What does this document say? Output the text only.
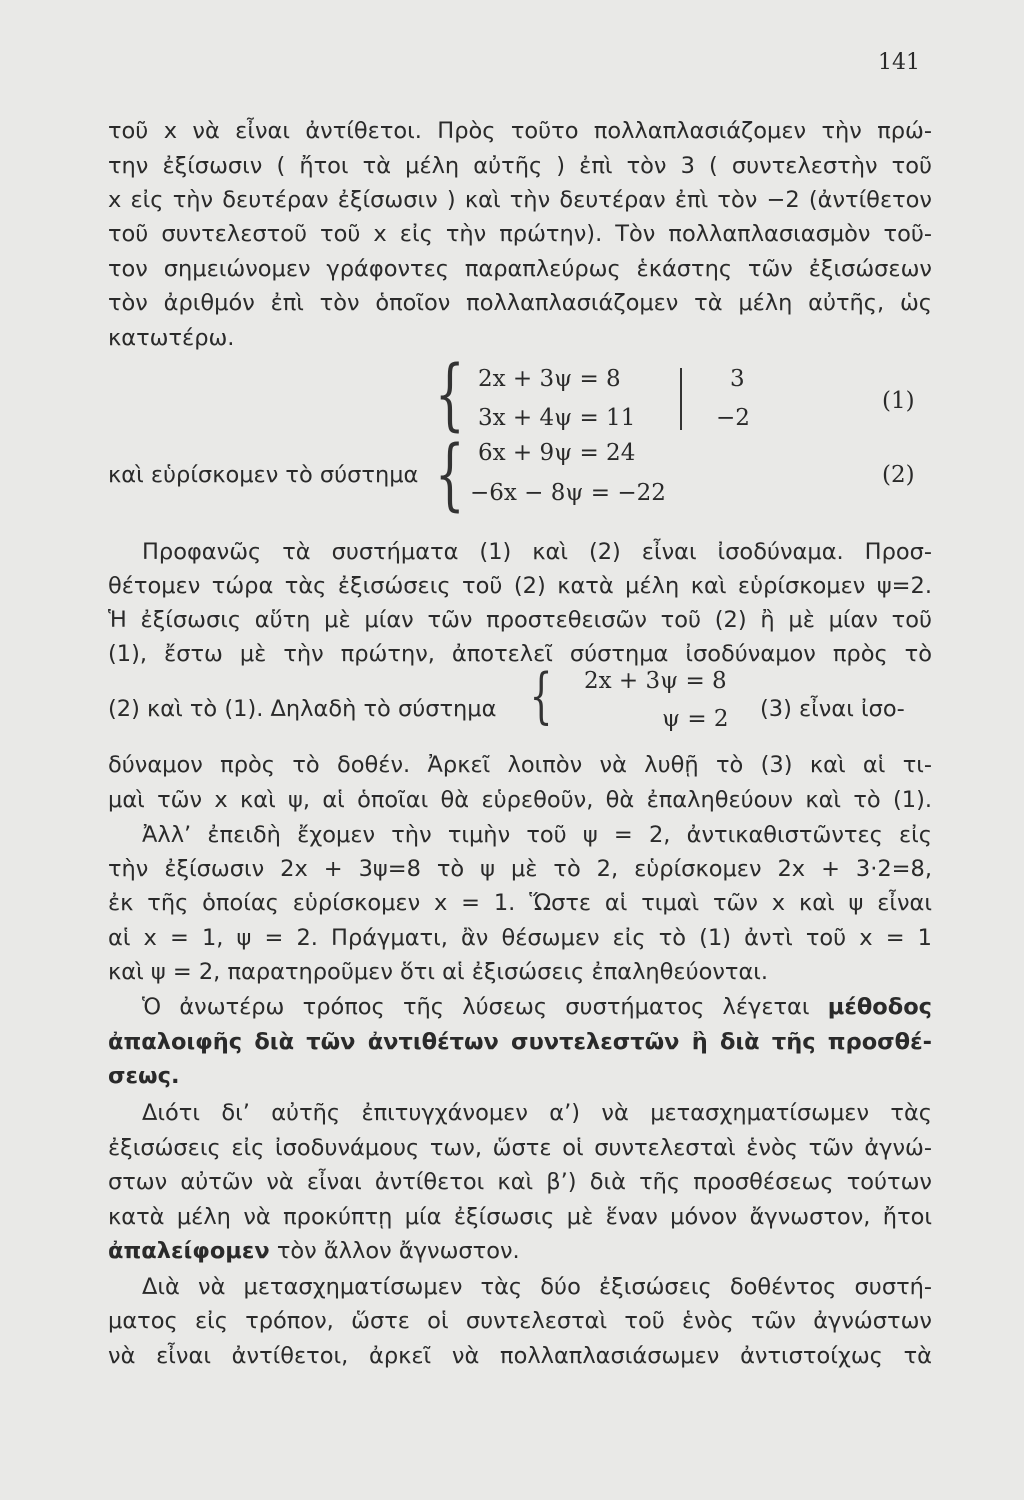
141
τοῦ x νὰ εἶναι ἀντίθετοι. Πρὸς τοῦτο πολλαπλασιάζομεν τὴν πρώ-
την ἐξίσωσιν ( ἤτοι τὰ μέλη αὐτῆς ) ἐπὶ τὸν 3 ( συντελεστὴν τοῦ
x εἰς τὴν δευτέραν ἐξίσωσιν ) καὶ τὴν δευτέραν ἐπὶ τὸν −2 (ἀντίθετον
τοῦ συντελεστοῦ τοῦ x εἰς τὴν πρώτην). Τὸν πολλαπλασιασμὸν τοῦ-
τον σημειώνομεν γράφοντες παραπλεύρως ἑκάστης τῶν ἐξισώσεων
τὸν ἀριθμόν ἐπὶ τὸν ὁποῖον πολλαπλασιάζομεν τὰ μέλη αὐτῆς, ὡς
κατωτέρω.
{ 2x + 3ψ = 8
3x + 4ψ = 11
3
−2
(1)
καὶ εὑρίσκομεν τὸ σύστημα { 6x + 9ψ = 24
−6x − 8ψ = −22
(2)
Προφανῶς τὰ συστήματα (1) καὶ (2) εἶναι ἰσοδύναμα. Προσ-
θέτομεν τώρα τὰς ἐξισώσεις τοῦ (2) κατὰ μέλη καὶ εὑρίσκομεν ψ=2.
Ἡ ἐξίσωσις αὕτη μὲ μίαν τῶν προστεθεισῶν τοῦ (2) ἢ μὲ μίαν τοῦ
(1), ἔστω μὲ τὴν πρώτην, ἀποτελεῖ σύστημα ἰσοδύναμον πρὸς τὸ
(2) καὶ τὸ (1). Δηλαδὴ τὸ σύστημα { 2x + 3ψ = 8
ψ = 2 (3) εἶναι ἰσο-
δύναμον πρὸς τὸ δοθέν. Ἀρκεῖ λοιπὸν νὰ λυθῇ τὸ (3) καὶ αἱ τι-
μαὶ τῶν x καὶ ψ, αἱ ὁποῖαι θὰ εὑρεθοῦν, θὰ ἐπαληθεύουν καὶ τὸ (1).
Ἀλλ’ ἐπειδὴ ἔχομεν τὴν τιμὴν τοῦ ψ = 2, ἀντικαθιστῶντες εἰς
τὴν ἐξίσωσιν 2x + 3ψ=8 τὸ ψ μὲ τὸ 2, εὑρίσκομεν 2x + 3·2=8,
ἐκ τῆς ὁποίας εὑρίσκομεν x = 1. Ὥστε αἱ τιμαὶ τῶν x καὶ ψ εἶναι
αἱ x = 1, ψ = 2. Πράγματι, ἂν θέσωμεν εἰς τὸ (1) ἀντὶ τοῦ x = 1
καὶ ψ = 2, παρατηροῦμεν ὅτι αἱ ἐξισώσεις ἐπαληθεύονται.
Ὁ ἀνωτέρω τρόπος τῆς λύσεως συστήματος λέγεται μέθοδος
ἀπαλοιφῆς διὰ τῶν ἀντιθέτων συντελεστῶν ἢ διὰ τῆς προσθέ-
σεως.
Διότι δι’ αὐτῆς ἐπιτυγχάνομεν α’) νὰ μετασχηματίσωμεν τὰς
ἐξισώσεις εἰς ἰσοδυνάμους των, ὥστε οἱ συντελεσταὶ ἑνὸς τῶν ἀγνώ-
στων αὐτῶν νὰ εἶναι ἀντίθετοι καὶ β’) διὰ τῆς προσθέσεως τούτων
κατὰ μέλη νὰ προκύπτῃ μία ἐξίσωσις μὲ ἕναν μόνον ἄγνωστον, ἤτοι
ἀπαλείφομεν τὸν ἄλλον ἄγνωστον.
Διὰ νὰ μετασχηματίσωμεν τὰς δύο ἐξισώσεις δοθέντος συστή-
ματος εἰς τρόπον, ὥστε οἱ συντελεσταὶ τοῦ ἑνὸς τῶν ἀγνώστων
νὰ εἶναι ἀντίθετοι, ἀρκεῖ νὰ πολλαπλασιάσωμεν ἀντιστοίχως τὰ
